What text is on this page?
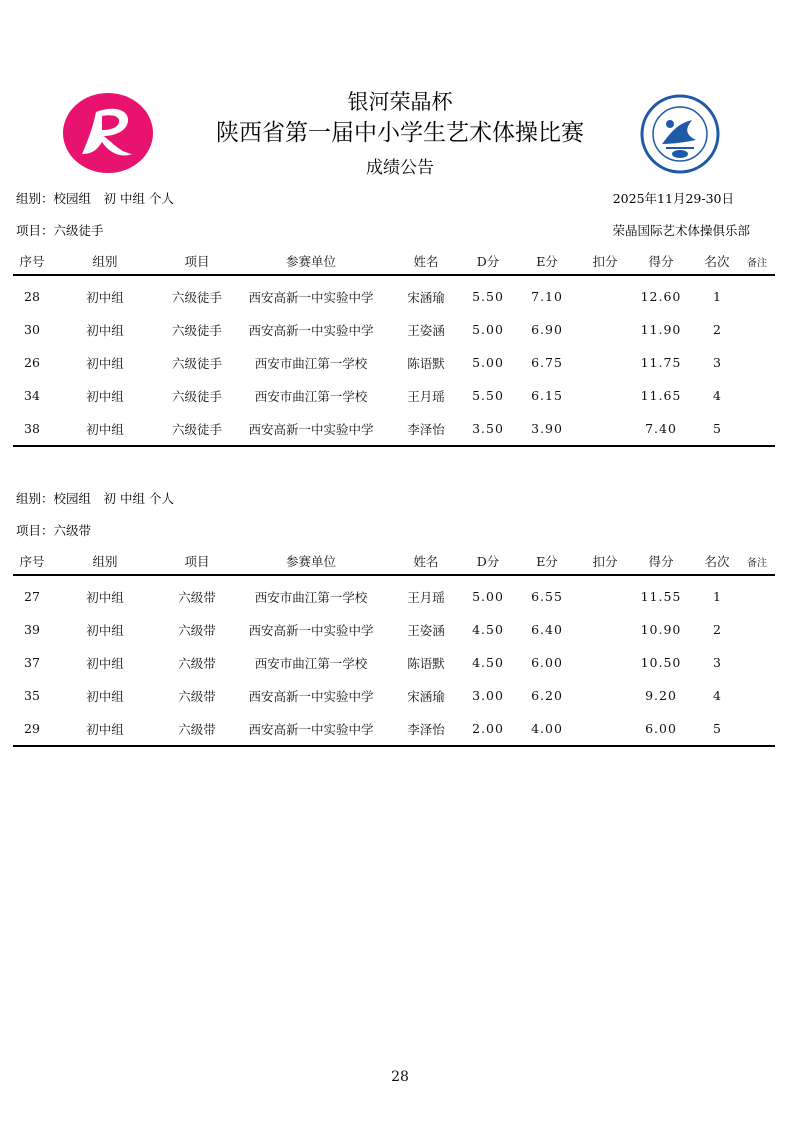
银河荣晶杯
陕西省第一届中小学生艺术体操比赛
成绩公告
组别：校园组　初 中组 个人	2025年11月29-30日
项目：六级徒手	荣晶国际艺术体操俱乐部
序号	组别	项目	参赛单位	姓名	D分	E分	扣分	得分	名次	备注
28	初中组	六级徒手	西安高新一中实验中学	宋涵瑜	5.50	7.10		12.60	1	
30	初中组	六级徒手	西安高新一中实验中学	王姿涵	5.00	6.90		11.90	2	
26	初中组	六级徒手	西安市曲江第一学校	陈语默	5.00	6.75		11.75	3	
34	初中组	六级徒手	西安市曲江第一学校	王月瑶	5.50	6.15		11.65	4	
38	初中组	六级徒手	西安高新一中实验中学	李泽怡	3.50	3.90		7.40	5	
组别：校园组　初 中组 个人
项目：六级带
序号	组别	项目	参赛单位	姓名	D分	E分	扣分	得分	名次	备注
27	初中组	六级带	西安市曲江第一学校	王月瑶	5.00	6.55		11.55	1	
39	初中组	六级带	西安高新一中实验中学	王姿涵	4.50	6.40		10.90	2	
37	初中组	六级带	西安市曲江第一学校	陈语默	4.50	6.00		10.50	3	
35	初中组	六级带	西安高新一中实验中学	宋涵瑜	3.00	6.20		9.20	4	
29	初中组	六级带	西安高新一中实验中学	李泽怡	2.00	4.00		6.00	5	
28
